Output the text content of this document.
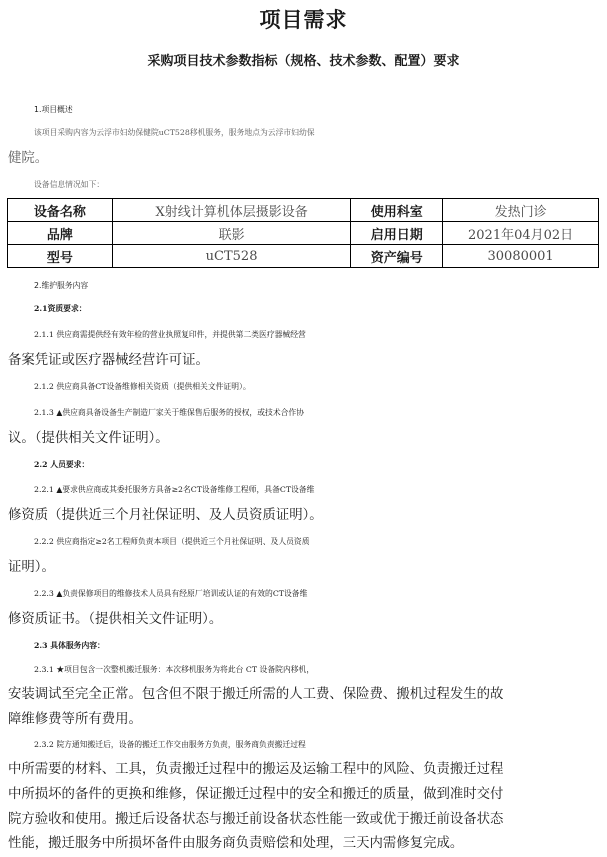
项目需求
采购项目技术参数指标（规格、技术参数、配置）要求
1.项目概述
该项目采购内容为云浮市妇幼保健院uCT528移机服务，服务地点为云浮市妇幼保
健院。
设备信息情况如下：
设备名称	X射线计算机体层摄影设备	使用科室	发热门诊
品牌	联影	启用日期	2021年04月02日
型号	uCT528	资产编号	30080001
2.维护服务内容
2.1资质要求：
2.1.1 供应商需提供经有效年检的营业执照复印件，并提供第二类医疗器械经营
备案凭证或医疗器械经营许可证。
2.1.2 供应商具备CT设备维修相关资质（提供相关文件证明）。
2.1.3 ▲供应商具备设备生产制造厂家关于维保售后服务的授权，或技术合作协
议。（提供相关文件证明）。
2.2 人员要求：
2.2.1 ▲要求供应商或其委托服务方具备≥2名CT设备维修工程师，具备CT设备维
修资质（提供近三个月社保证明、及人员资质证明）。
2.2.2 供应商指定≥2名工程师负责本项目（提供近三个月社保证明、及人员资质
证明）。
2.2.3 ▲负责保修项目的维修技术人员具有经原厂培训或认证的有效的CT设备维
修资质证书。（提供相关文件证明）。
2.3 具体服务内容：
2.3.1 ★项目包含一次整机搬迁服务：本次移机服务为将此台 CT 设备院内移机，
安装调试至完全正常。包含但不限于搬迁所需的人工费、保险费、搬机过程发生的故
障维修费等所有费用。
2.3.2 院方通知搬迁后，设备的搬迁工作交由服务方负责，服务商负责搬迁过程
中所需要的材料、工具，负责搬迁过程中的搬运及运输工程中的风险、负责搬迁过程
中所损坏的备件的更换和维修，保证搬迁过程中的安全和搬迁的质量，做到准时交付
院方验收和使用。搬迁后设备状态与搬迁前设备状态性能一致或优于搬迁前设备状态
性能，搬迁服务中所损坏备件由服务商负责赔偿和处理，三天内需修复完成。
